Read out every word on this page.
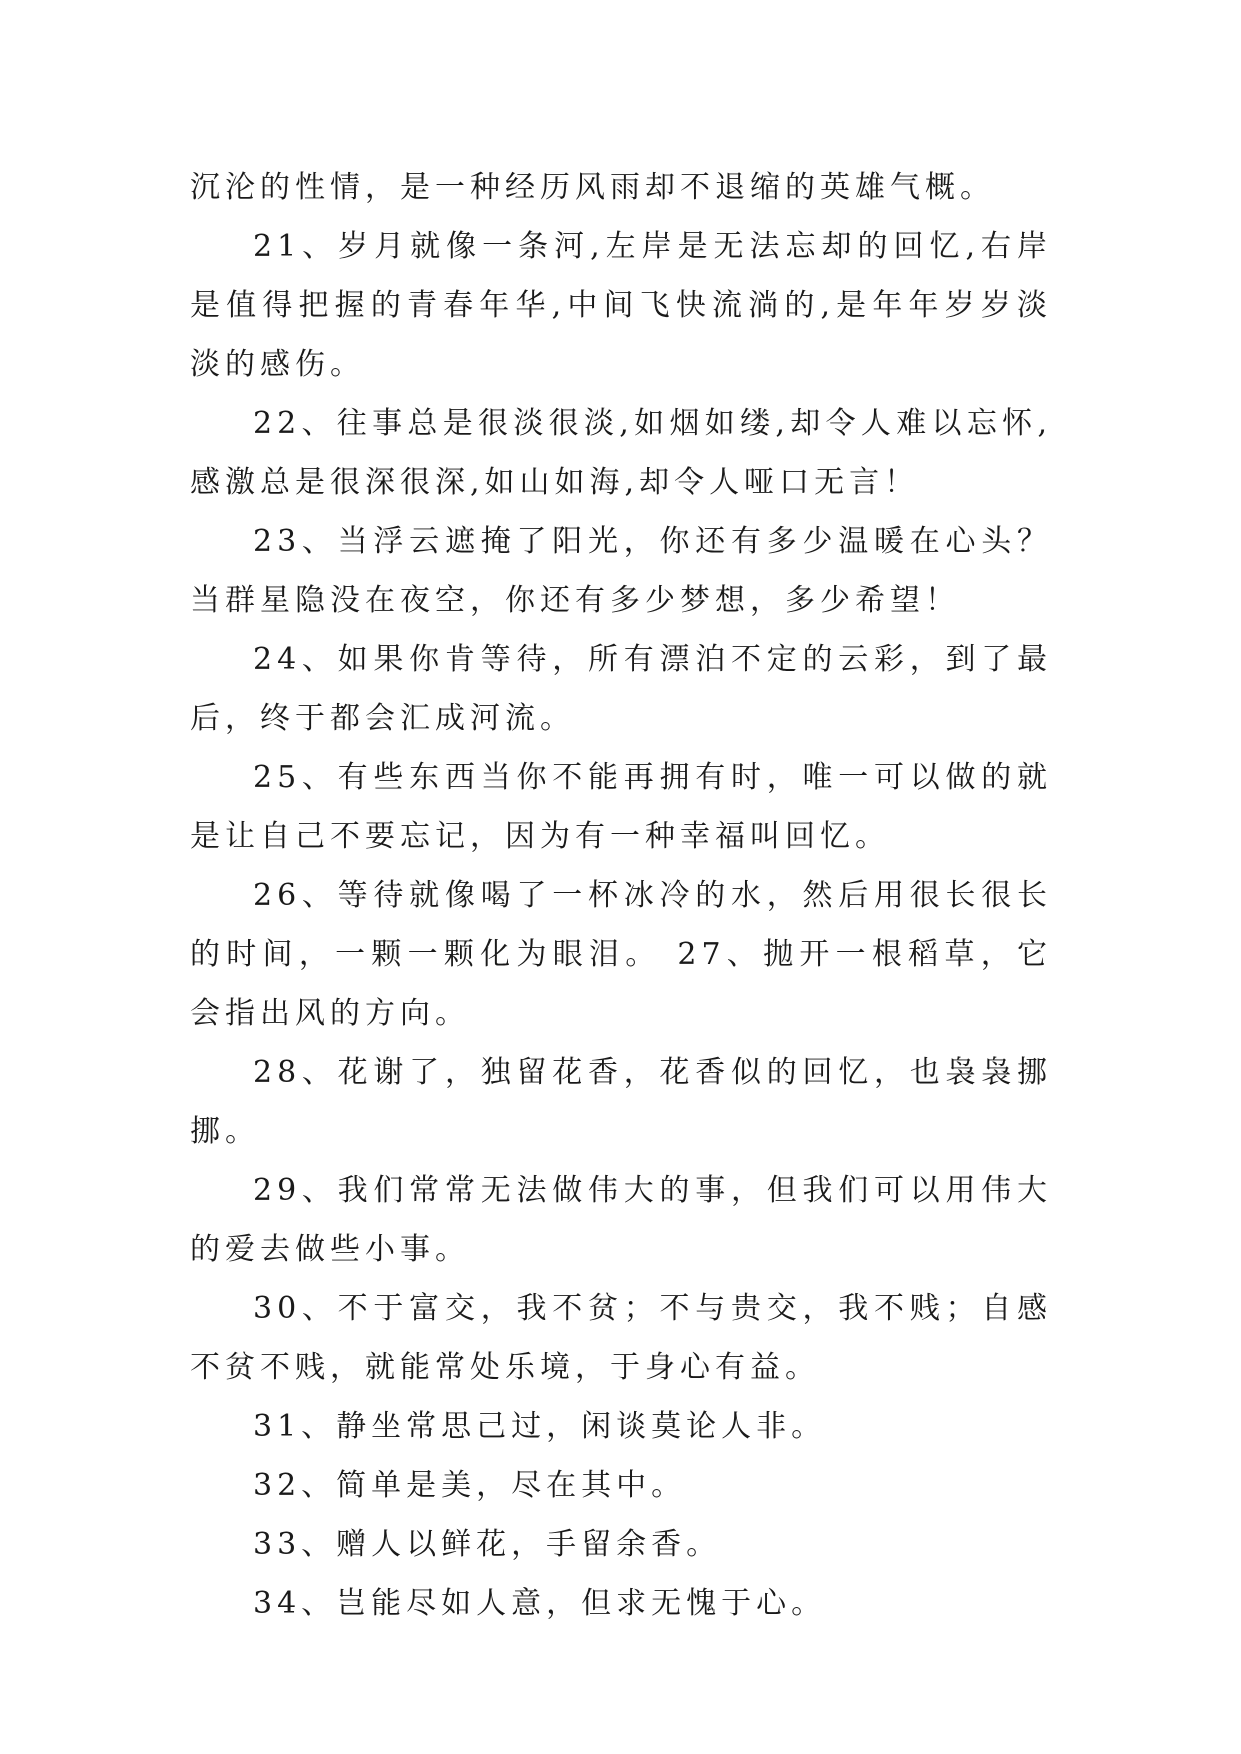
沉沦的性情，是一种经历风雨却不退缩的英雄气概。

21、岁月就像一条河,左岸是无法忘却的回忆,右岸是值得把握的青春年华,中间飞快流淌的,是年年岁岁淡淡的感伤。

22、往事总是很淡很淡,如烟如缕,却令人难以忘怀,感激总是很深很深,如山如海,却令人哑口无言！

23、当浮云遮掩了阳光，你还有多少温暖在心头？当群星隐没在夜空，你还有多少梦想，多少希望！

24、如果你肯等待，所有漂泊不定的云彩，到了最后，终于都会汇成河流。

25、有些东西当你不能再拥有时，唯一可以做的就是让自己不要忘记，因为有一种幸福叫回忆。

26、等待就像喝了一杯冰冷的水，然后用很长很长的时间，一颗一颗化为眼泪。 27、抛开一根稻草，它会指出风的方向。

28、花谢了，独留花香，花香似的回忆，也袅袅挪挪。

29、我们常常无法做伟大的事，但我们可以用伟大的爱去做些小事。

30、不于富交，我不贫；不与贵交，我不贱；自感不贫不贱，就能常处乐境，于身心有益。

31、静坐常思己过，闲谈莫论人非。

32、简单是美，尽在其中。

33、赠人以鲜花，手留余香。

34、岂能尽如人意，但求无愧于心。
